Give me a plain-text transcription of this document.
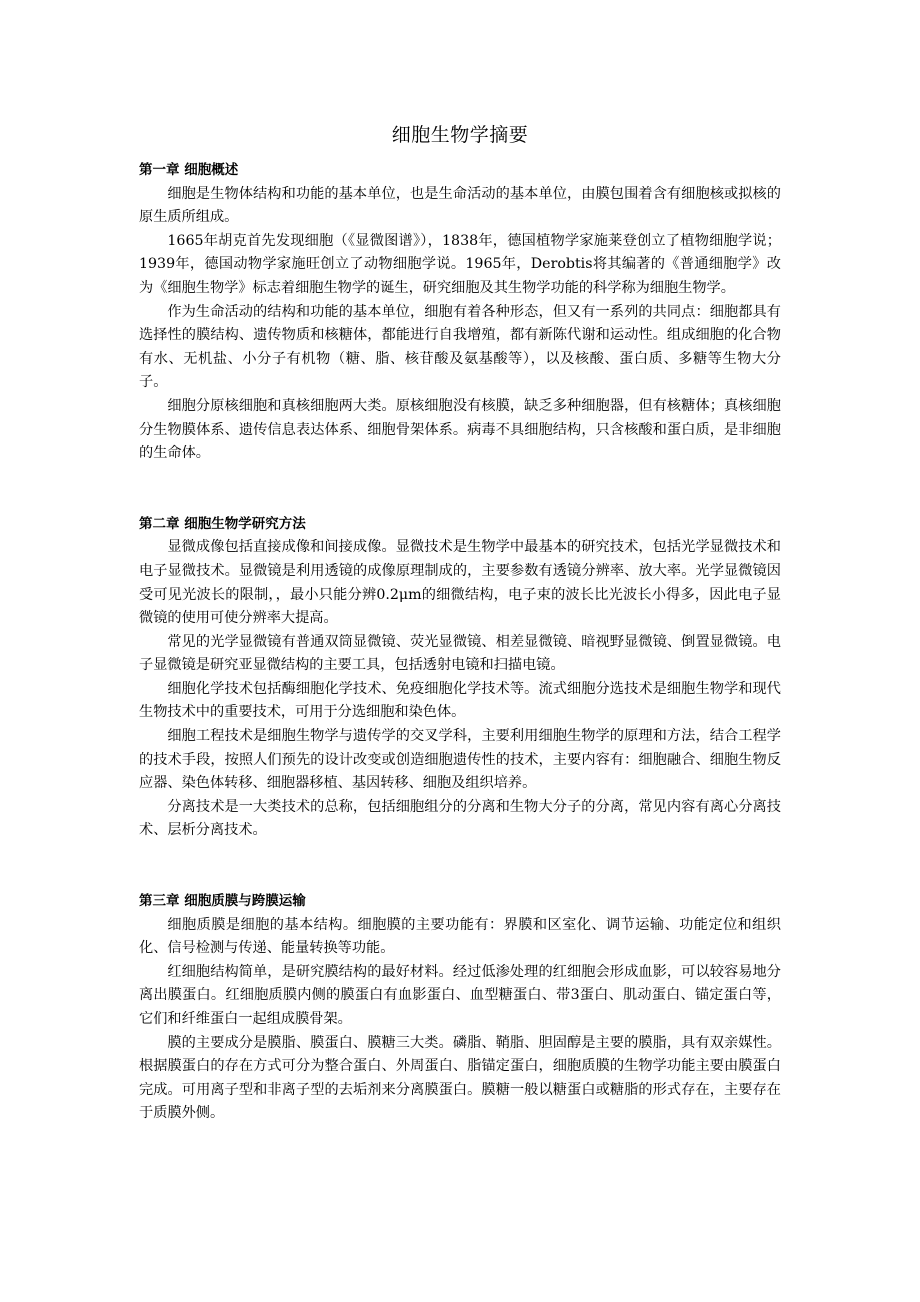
细胞生物学摘要
第一章 细胞概述

细胞是生物体结构和功能的基本单位，也是生命活动的基本单位，由膜包围着含有细胞核或拟核的原生质所组成。

1665年胡克首先发现细胞（《显微图谱》），1838年，德国植物学家施莱登创立了植物细胞学说；1939年，德国动物学家施旺创立了动物细胞学说。1965年，Derobtis将其编著的《普通细胞学》改为《细胞生物学》标志着细胞生物学的诞生，研究细胞及其生物学功能的科学称为细胞生物学。

作为生命活动的结构和功能的基本单位，细胞有着各种形态，但又有一系列的共同点：细胞都具有选择性的膜结构、遗传物质和核糖体，都能进行自我增殖，都有新陈代谢和运动性。组成细胞的化合物有水、无机盐、小分子有机物（糖、脂、核苷酸及氨基酸等），以及核酸、蛋白质、多糖等生物大分子。

细胞分原核细胞和真核细胞两大类。原核细胞没有核膜，缺乏多种细胞器，但有核糖体；真核细胞分生物膜体系、遗传信息表达体系、细胞骨架体系。病毒不具细胞结构，只含核酸和蛋白质，是非细胞的生命体。

第二章 细胞生物学研究方法

显微成像包括直接成像和间接成像。显微技术是生物学中最基本的研究技术，包括光学显微技术和电子显微技术。显微镜是利用透镜的成像原理制成的，主要参数有透镜分辨率、放大率。光学显微镜因受可见光波长的限制，，最小只能分辨0.2μm的细微结构，电子束的波长比光波长小得多，因此电子显微镜的使用可使分辨率大提高。

常见的光学显微镜有普通双筒显微镜、荧光显微镜、相差显微镜、暗视野显微镜、倒置显微镜。电子显微镜是研究亚显微结构的主要工具，包括透射电镜和扫描电镜。

细胞化学技术包括酶细胞化学技术、免疫细胞化学技术等。流式细胞分选技术是细胞生物学和现代生物技术中的重要技术，可用于分选细胞和染色体。

细胞工程技术是细胞生物学与遗传学的交叉学科，主要利用细胞生物学的原理和方法，结合工程学的技术手段，按照人们预先的设计改变或创造细胞遗传性的技术，主要内容有：细胞融合、细胞生物反应器、染色体转移、细胞器移植、基因转移、细胞及组织培养。

分离技术是一大类技术的总称，包括细胞组分的分离和生物大分子的分离，常见内容有离心分离技术、层析分离技术。

第三章 细胞质膜与跨膜运输

细胞质膜是细胞的基本结构。细胞膜的主要功能有：界膜和区室化、调节运输、功能定位和组织化、信号检测与传递、能量转换等功能。

红细胞结构简单，是研究膜结构的最好材料。经过低渗处理的红细胞会形成血影，可以较容易地分离出膜蛋白。红细胞质膜内侧的膜蛋白有血影蛋白、血型糖蛋白、带3蛋白、肌动蛋白、锚定蛋白等，它们和纤维蛋白一起组成膜骨架。

膜的主要成分是膜脂、膜蛋白、膜糖三大类。磷脂、鞘脂、胆固醇是主要的膜脂，具有双亲媒性。根据膜蛋白的存在方式可分为整合蛋白、外周蛋白、脂锚定蛋白，细胞质膜的生物学功能主要由膜蛋白完成。可用离子型和非离子型的去垢剂来分离膜蛋白。膜糖一般以糖蛋白或糖脂的形式存在，主要存在于质膜外侧。
